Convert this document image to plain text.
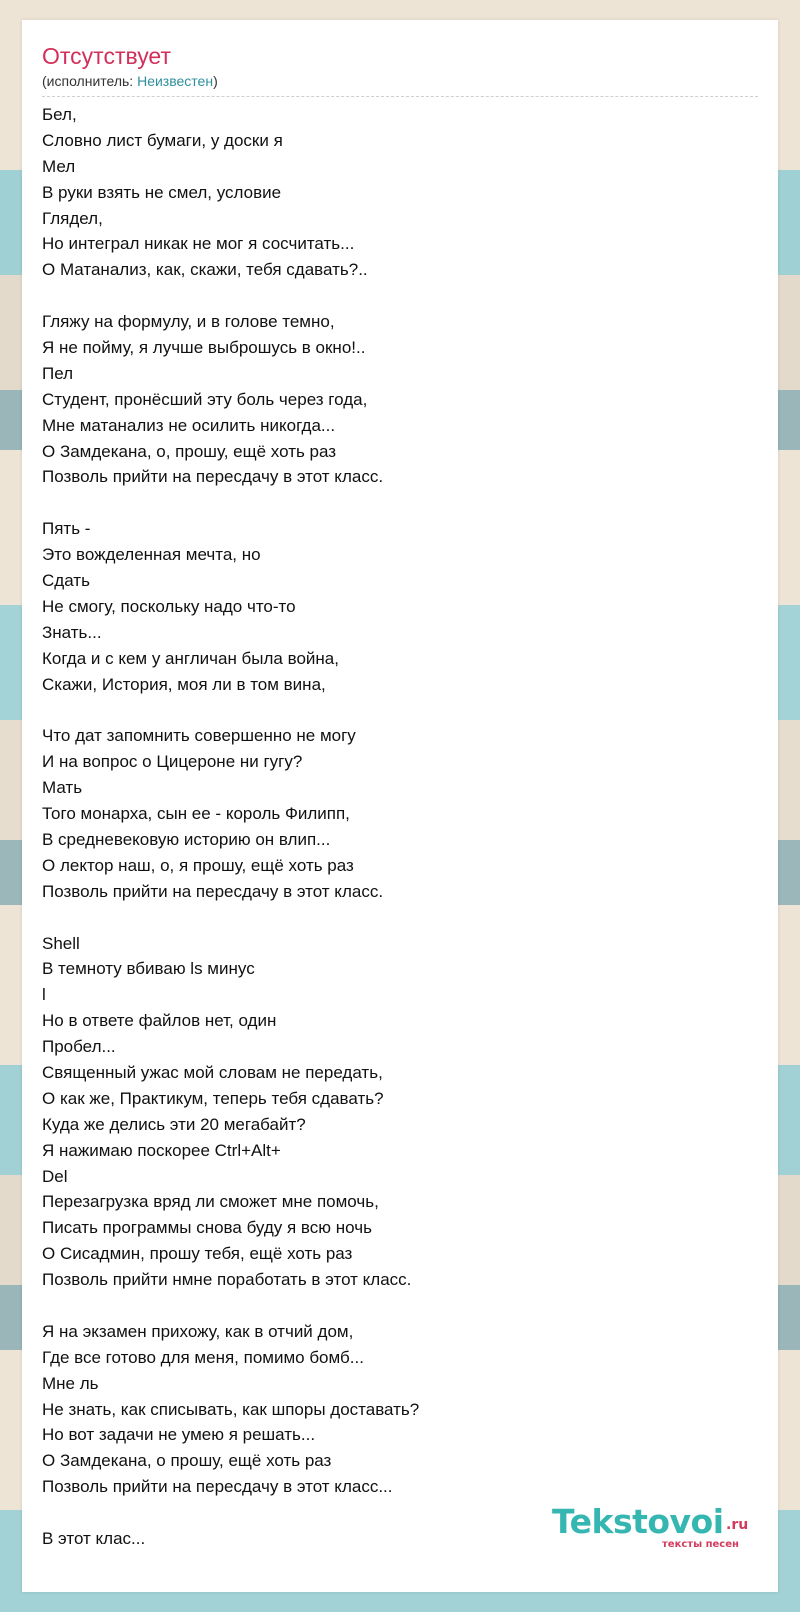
Отсутствует
(исполнитель: Неизвестен)
Бел,
Словно лист бумаги, у доски я
Мел
В руки взять не смел, условие
Глядел,
Но интеграл никак не мог я сосчитать...
О Матанализ, как, скажи, тебя сдавать?..
Гляжу на формулу, и в голове темно,
Я не пойму, я лучше выброшусь в окно!..
Пел
Студент, пронёсший эту боль через года,
Мне матанализ не осилить никогда...
О Замдекана, о, прошу, ещё хоть раз
Позволь прийти на пересдачу в этот класс.
Пять -
Это вожделенная мечта, но
Сдать
Не смогу, поскольку надо что-то
Знать...
Когда и с кем у англичан была война,
Скажи, История, моя ли в том вина,
Что дат запомнить совершенно не могу
И на вопрос о Цицероне ни гугу?
Мать
Того монарха, сын ее - король Филипп,
В средневековую историю он влип...
О лектор наш, о, я прошу, ещё хоть раз
Позволь прийти на пересдачу в этот класс.
Shell
В темноту вбиваю ls минус
l
Но в ответе файлов нет, один
Пробел...
Священный ужас мой словам не передать,
О как же, Практикум, теперь тебя сдавать?
Куда же делись эти 20 мегабайт?
Я нажимаю поскорее Ctrl+Alt+
Del
Перезагрузка вряд ли сможет мне помочь,
Писать программы снова буду я всю ночь
О Сисадмин, прошу тебя, ещё хоть раз
Позволь прийти нмне поработать в этот класс.
Я на экзамен прихожу, как в отчий дом,
Где все готово для меня, помимо бомб...
Мне ль
Не знать, как списывать, как шпоры доставать?
Но вот задачи не умею я решать...
О Замдекана, о прошу, ещё хоть раз
Позволь прийти на пересдачу в этот класс...
В этот клас...	Tekstovoi .ru
тексты песен
